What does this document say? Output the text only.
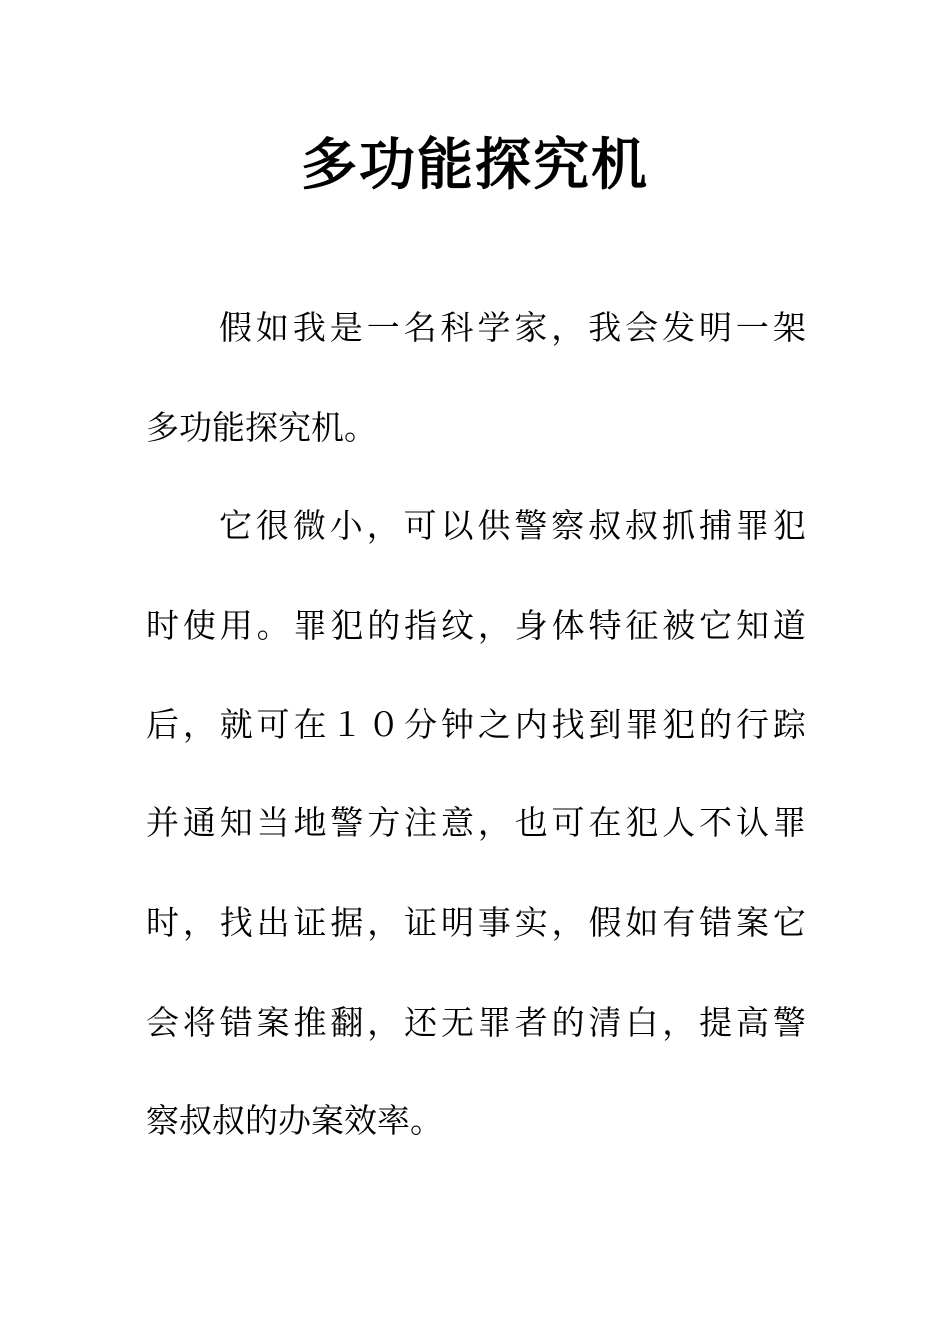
多功能探究机
假 如 我 是 一 名 科 学 家 ， 我 会 发 明 一 架
多功能探究机。
它 很 微 小 ， 可 以 供 警 察 叔 叔 抓 捕 罪 犯
时 使 用 。 罪 犯 的 指 纹 ， 身 体 特 征 被 它 知 道
后 ， 就 可 在 １ ０ 分 钟 之 内 找 到 罪 犯 的 行 踪
并 通 知 当 地 警 方 注 意 ， 也 可 在 犯 人 不 认 罪
时 ， 找 出 证 据 ， 证 明 事 实 ， 假 如 有 错 案 它
会 将 错 案 推 翻 ， 还 无 罪 者 的 清 白 ， 提 高 警
察叔叔的办案效率。
